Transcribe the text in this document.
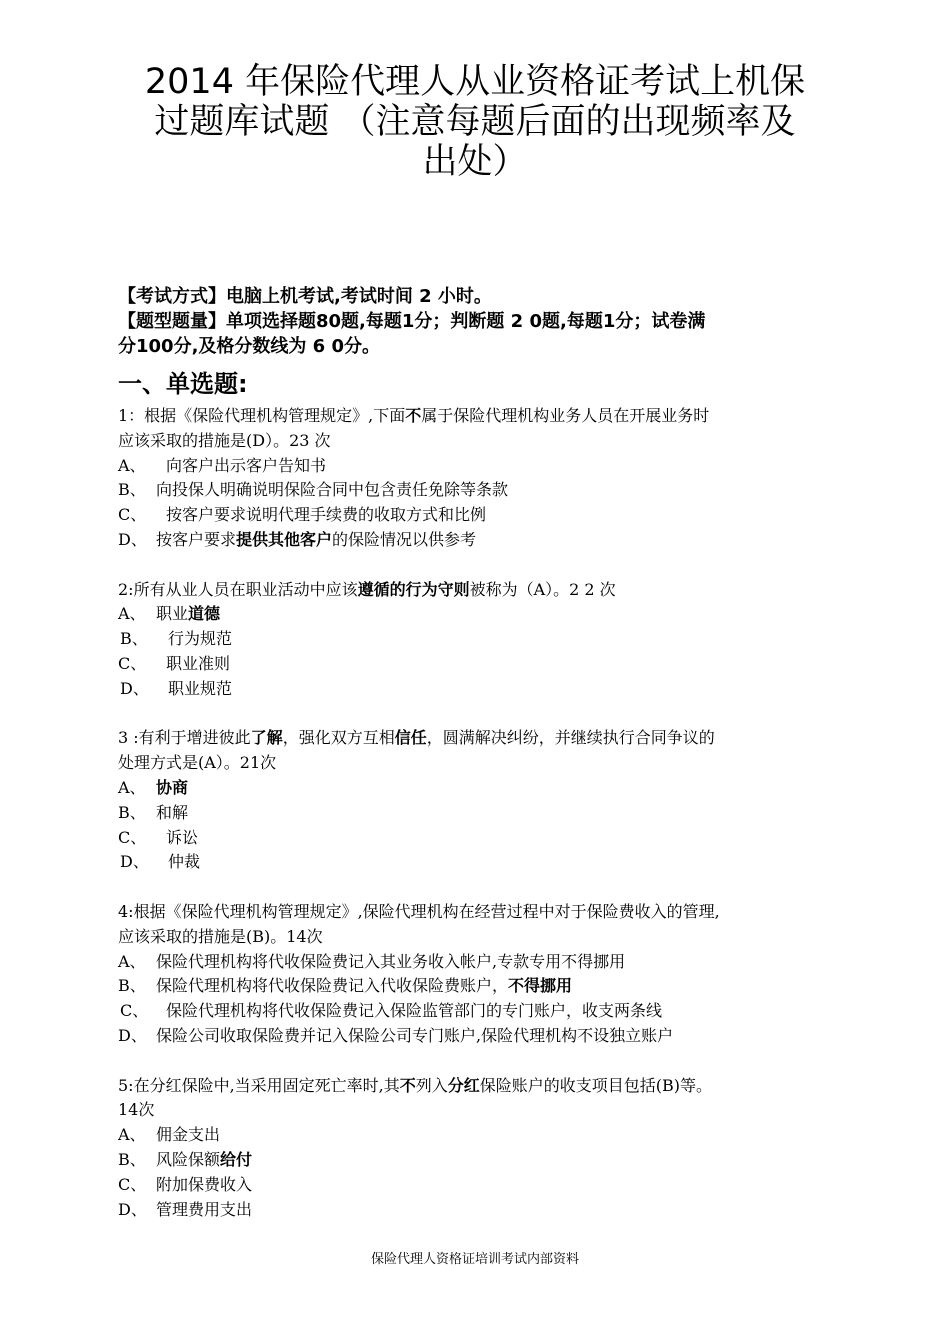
2014 年保险代理人从业资格证考试上机保
过题库试题 （注意每题后面的出现频率及
出处）

【考试方式】电脑上机考试,考试时间 2 小时。

【题型题量】单项选择题80题,每题1分；判断题 2 0题,每题1分；试卷满

分100分,及格分数线为 6 0分。

一、单选题:

1：根据《保险代理机构管理规定》,下面不属于保险代理机构业务人员在开展业务时

应该采取的措施是(D）。23 次

A、 向客户出示客户告知书

B、 向投保人明确说明保险合同中包含责任免除等条款

C、 按客户要求说明代理手续费的收取方式和比例

D、 按客户要求提供其他客户的保险情况以供参考

2:所有从业人员在职业活动中应该遵循的行为守则被称为（A）。2 2 次

A、 职业道德

B、 行为规范

C、 职业准则

D、 职业规范

3 :有利于增进彼此了解，强化双方互相信任，圆满解决纠纷，并继续执行合同争议的

处理方式是(A）。21次

A、 协商

B、 和解

C、 诉讼

D、 仲裁

4:根据《保险代理机构管理规定》,保险代理机构在经营过程中对于保险费收入的管理,

应该采取的措施是(B)。14次

A、 保险代理机构将代收保险费记入其业务收入帐户,专款专用不得挪用

B、 保险代理机构将代收保险费记入代收保险费账户，不得挪用

C、 保险代理机构将代收保险费记入保险监管部门的专门账户，收支两条线

D、 保险公司收取保险费并记入保险公司专门账户,保险代理机构不设独立账户

5:在分红保险中,当采用固定死亡率时,其不列入分红保险账户的收支项目包括(B)等。

14次

A、 佣金支出

B、 风险保额给付

C、 附加保费收入

D、 管理费用支出

保险代理人资格证培训考试内部资料
